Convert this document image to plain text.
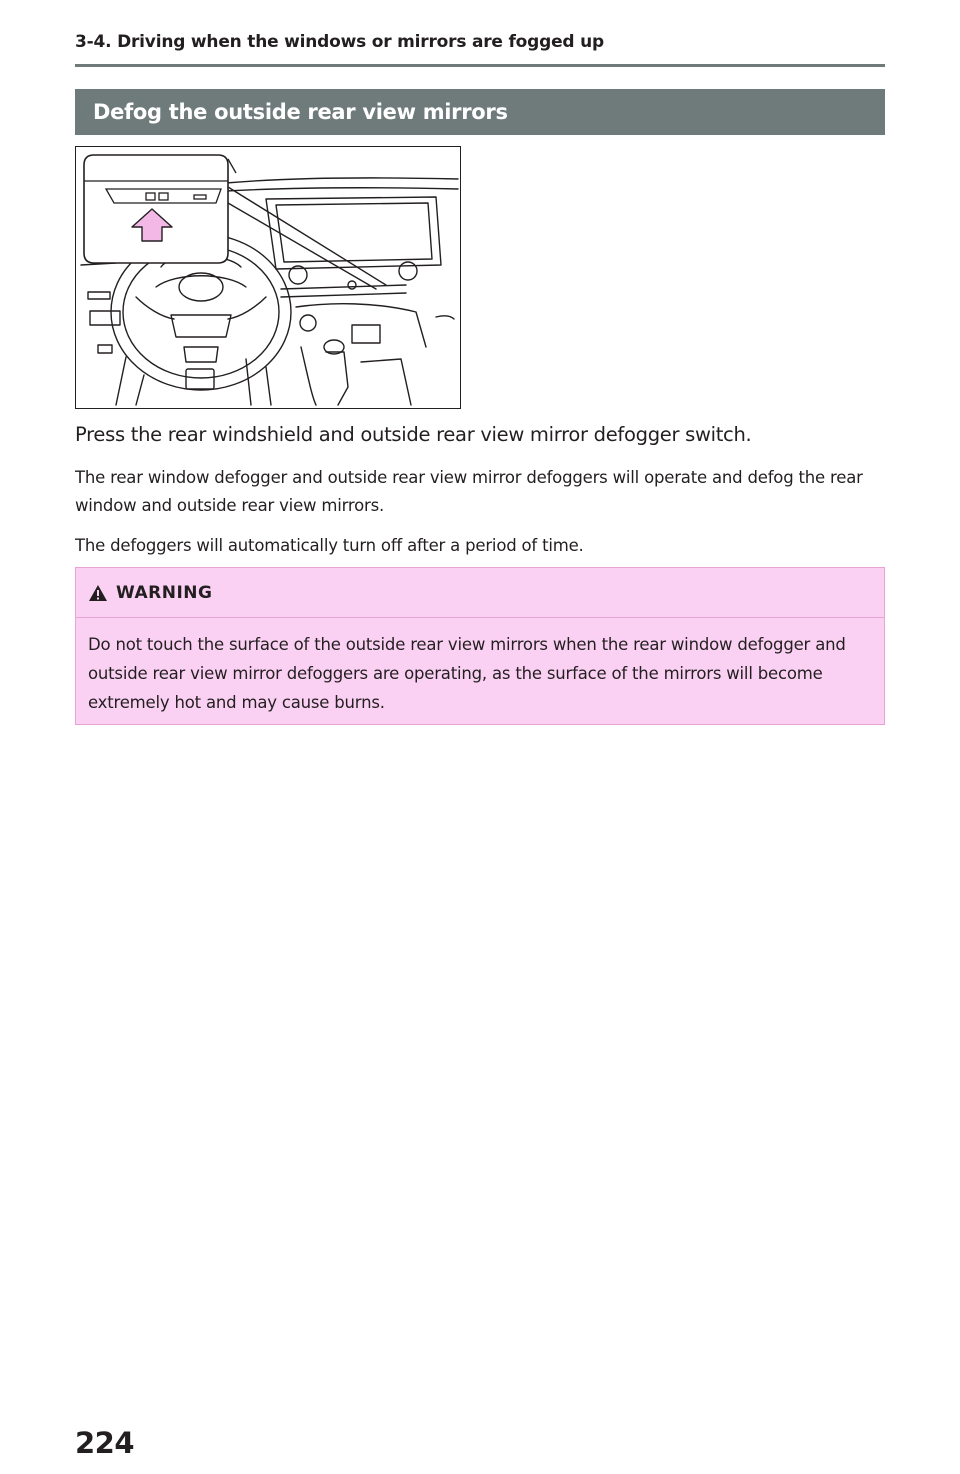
3-4. Driving when the windows or mirrors are fogged up
Defog the outside rear view mirrors
Press the rear windshield and outside rear view mirror defogger switch.
The rear window defogger and outside rear view mirror defoggers will operate and defog the rear window and outside rear view mirrors.
The defoggers will automatically turn off after a period of time.
WARNING
Do not touch the surface of the outside rear view mirrors when the rear window defogger and outside rear view mirror defoggers are operating, as the surface of the mirrors will become extremely hot and may cause burns.
224
